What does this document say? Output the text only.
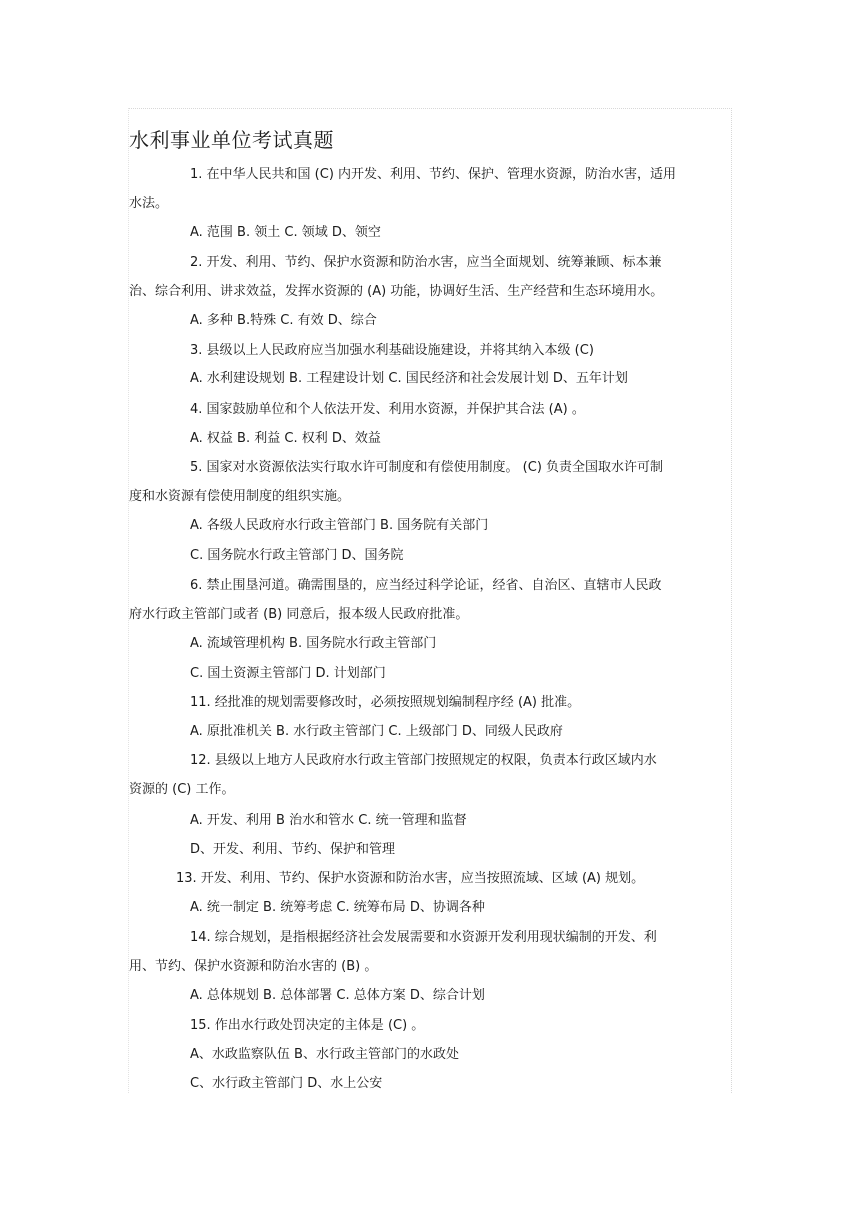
水利事业单位考试真题
1. 在中华人民共和国 (C) 内开发、利用、节约、保护、管理水资源，防治水害，适用
水法。
A. 范围 B. 领土 C. 领域 D、领空
2. 开发、利用、节约、保护水资源和防治水害，应当全面规划、统筹兼顾、标本兼
治、综合利用、讲求效益，发挥水资源的 (A) 功能，协调好生活、生产经营和生态环境用水。
A. 多种 B.特殊 C. 有效 D、综合
3. 县级以上人民政府应当加强水利基础设施建设，并将其纳入本级 (C)
A. 水利建设规划 B. 工程建设计划 C. 国民经济和社会发展计划 D、五年计划
4. 国家鼓励单位和个人依法开发、利用水资源，并保护其合法 (A) 。
A. 权益 B. 利益 C. 权利 D、效益
5. 国家对水资源依法实行取水许可制度和有偿使用制度。 (C) 负责全国取水许可制
度和水资源有偿使用制度的组织实施。
A. 各级人民政府水行政主管部门 B. 国务院有关部门
C. 国务院水行政主管部门 D、国务院
6. 禁止围垦河道。确需围垦的，应当经过科学论证，经省、自治区、直辖市人民政
府水行政主管部门或者 (B) 同意后，报本级人民政府批准。
A. 流域管理机构 B. 国务院水行政主管部门
C. 国土资源主管部门 D. 计划部门
11. 经批准的规划需要修改时，必须按照规划编制程序经 (A) 批准。
A. 原批准机关 B. 水行政主管部门 C. 上级部门 D、同级人民政府
12. 县级以上地方人民政府水行政主管部门按照规定的权限，负责本行政区域内水
资源的 (C) 工作。
A. 开发、利用 B 治水和管水 C. 统一管理和监督
D、开发、利用、节约、保护和管理
13. 开发、利用、节约、保护水资源和防治水害，应当按照流域、区域 (A) 规划。
A. 统一制定 B. 统筹考虑 C. 统筹布局 D、协调各种
14. 综合规划，是指根据经济社会发展需要和水资源开发利用现状编制的开发、利
用、节约、保护水资源和防治水害的 (B) 。
A. 总体规划 B. 总体部署 C. 总体方案 D、综合计划
15. 作出水行政处罚决定的主体是 (C) 。
A、水政监察队伍 B、水行政主管部门的水政处
C、水行政主管部门 D、水上公安
